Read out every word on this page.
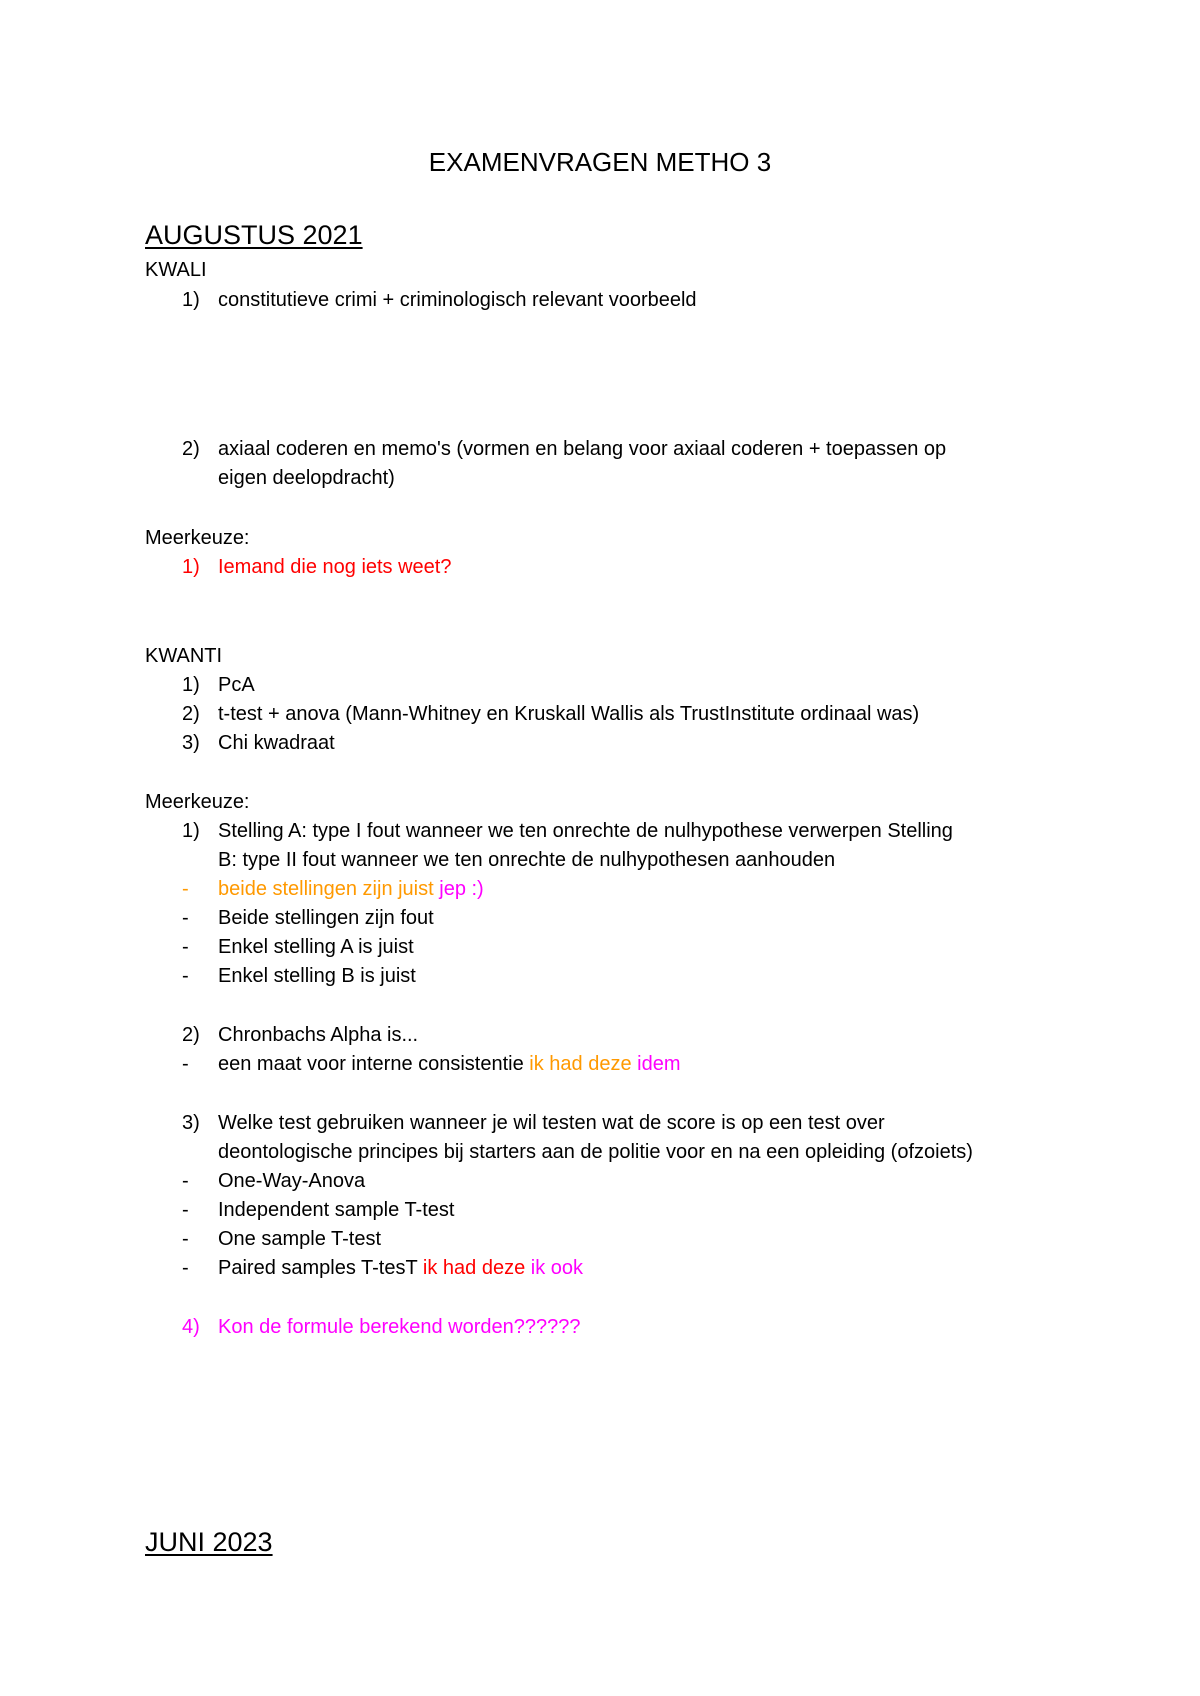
EXAMENVRAGEN METHO 3
AUGUSTUS 2021
KWALI
1) constitutieve crimi + criminologisch relevant voorbeeld
2) axiaal coderen en memo's (vormen en belang voor axiaal coderen + toepassen op
eigen deelopdracht)
Meerkeuze:
1) Iemand die nog iets weet?
KWANTI
1) PcA
2) t-test + anova (Mann-Whitney en Kruskall Wallis als TrustInstitute ordinaal was)
3) Chi kwadraat
Meerkeuze:
1) Stelling A: type I fout wanneer we ten onrechte de nulhypothese verwerpen Stelling
B: type II fout wanneer we ten onrechte de nulhypothesen aanhouden
- beide stellingen zijn juist jep :)
- Beide stellingen zijn fout
- Enkel stelling A is juist
- Enkel stelling B is juist
2) Chronbachs Alpha is...
- een maat voor interne consistentie ik had deze idem
3) Welke test gebruiken wanneer je wil testen wat de score is op een test over
deontologische principes bij starters aan de politie voor en na een opleiding (ofzoiets)
- One-Way-Anova
- Independent sample T-test
- One sample T-test
- Paired samples T-tesT ik had deze ik ook
4) Kon de formule berekend worden??????
JUNI 2023
